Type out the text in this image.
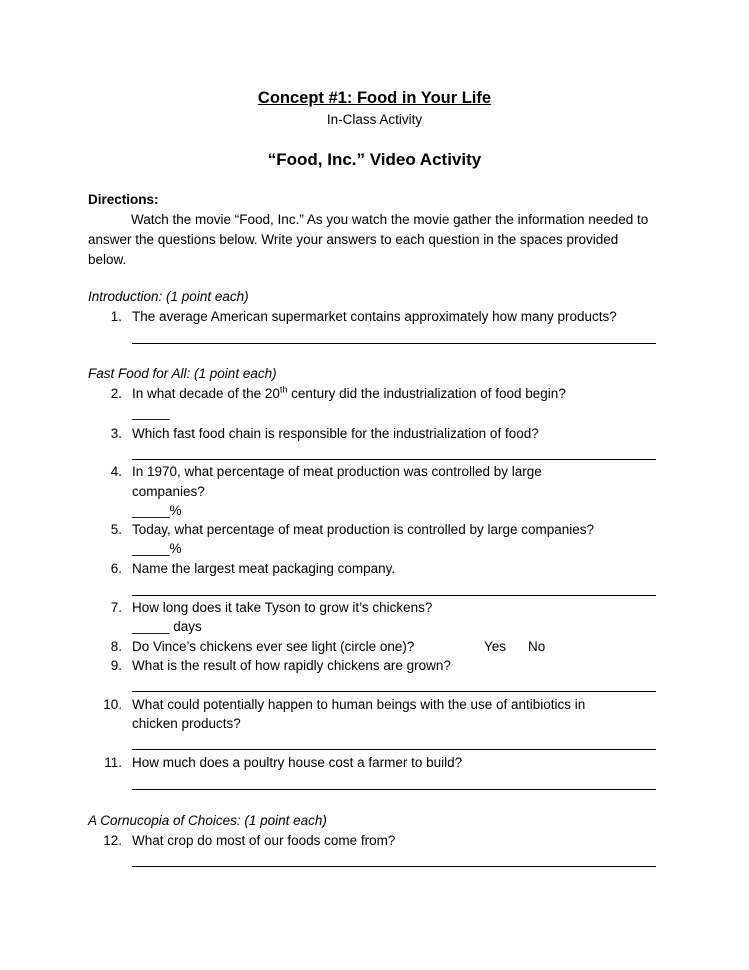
Concept #1: Food in Your Life
In-Class Activity
“Food, Inc.” Video Activity
Directions:
Watch the movie “Food, Inc.” As you watch the movie gather the information needed to answer the questions below. Write your answers to each question in the spaces provided below.
Introduction: (1 point each)
1. The average American supermarket contains approximately how many products?
Fast Food for All: (1 point each)
2. In what decade of the 20th century did the industrialization of food begin?
_____
3. Which fast food chain is responsible for the industrialization of food?
4. In 1970, what percentage of meat production was controlled by large
companies?
_____%
5. Today, what percentage of meat production is controlled by large companies?
_____%
6. Name the largest meat packaging company.
7. How long does it take Tyson to grow it’s chickens?
_____ days
8. Do Vince’s chickens ever see light (circle one)?	Yes No
9. What is the result of how rapidly chickens are grown?
10. What could potentially happen to human beings with the use of antibiotics in
chicken products?
11. How much does a poultry house cost a farmer to build?
A Cornucopia of Choices: (1 point each)
12. What crop do most of our foods come from?
